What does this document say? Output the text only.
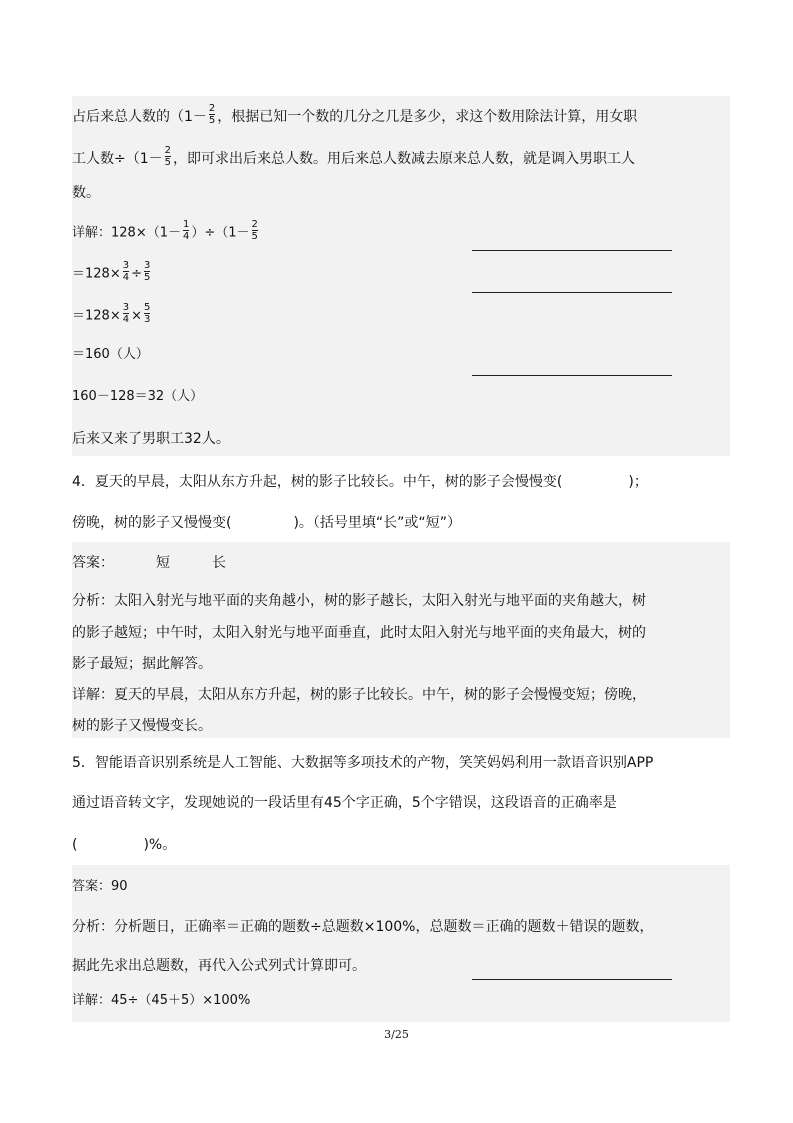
占后来总人数的（$1- \frac{2}{5}$ ，根据已知一个数的几分之几是多少，求这个数用除法计算，用女职
工人数$\div(1- \frac{2}{5}$ ，即可求出后来总人数。用后来总人数减去原来总人数，就是调入男职工人
数。
详解：$128\times(1- \frac{1}{4} )\div(1- \frac{2}{5}$
$=128\times \frac{3}{4} \div \frac{3}{5}$
$=128\times \frac{3}{4} \times \frac{5}{3}$
＝160（人）
160－128＝32（人）
后来又来了男职工32人。
4．夏天的早晨，太阳从东方升起，树的影子比较长。中午，树的影子会慢慢变(	)；
傍晚，树的影子又慢慢变(	)。（括号里填“长”或“短”）
答案：	短	长
分析：太阳入射光与地平面的夹角越小，树的影子越长，太阳入射光与地平面的夹角越大，树
的影子越短；中午时，太阳入射光与地平面垂直，此时太阳入射光与地平面的夹角最大，树的
影子最短；据此解答。
详解：夏天的早晨，太阳从东方升起，树的影子比较长。中午，树的影子会慢慢变短；傍晚，
树的影子又慢慢变长。
5．智能语音识别系统是人工智能、大数据等多项技术的产物，笑笑妈妈利用一款语音识别APP
通过语音转文字，发现她说的一段话里有45个字正确，5个字错误，这段语音的正确率是
(	)%。
答案：90
分析：分析题日，正确率＝正确的题数÷总题数×100%，总题数＝正确的题数＋错误的题数，
据此先求出总题数，再代入公式列式计算即可。
详解：45÷（45＋5）×100%
3/25
